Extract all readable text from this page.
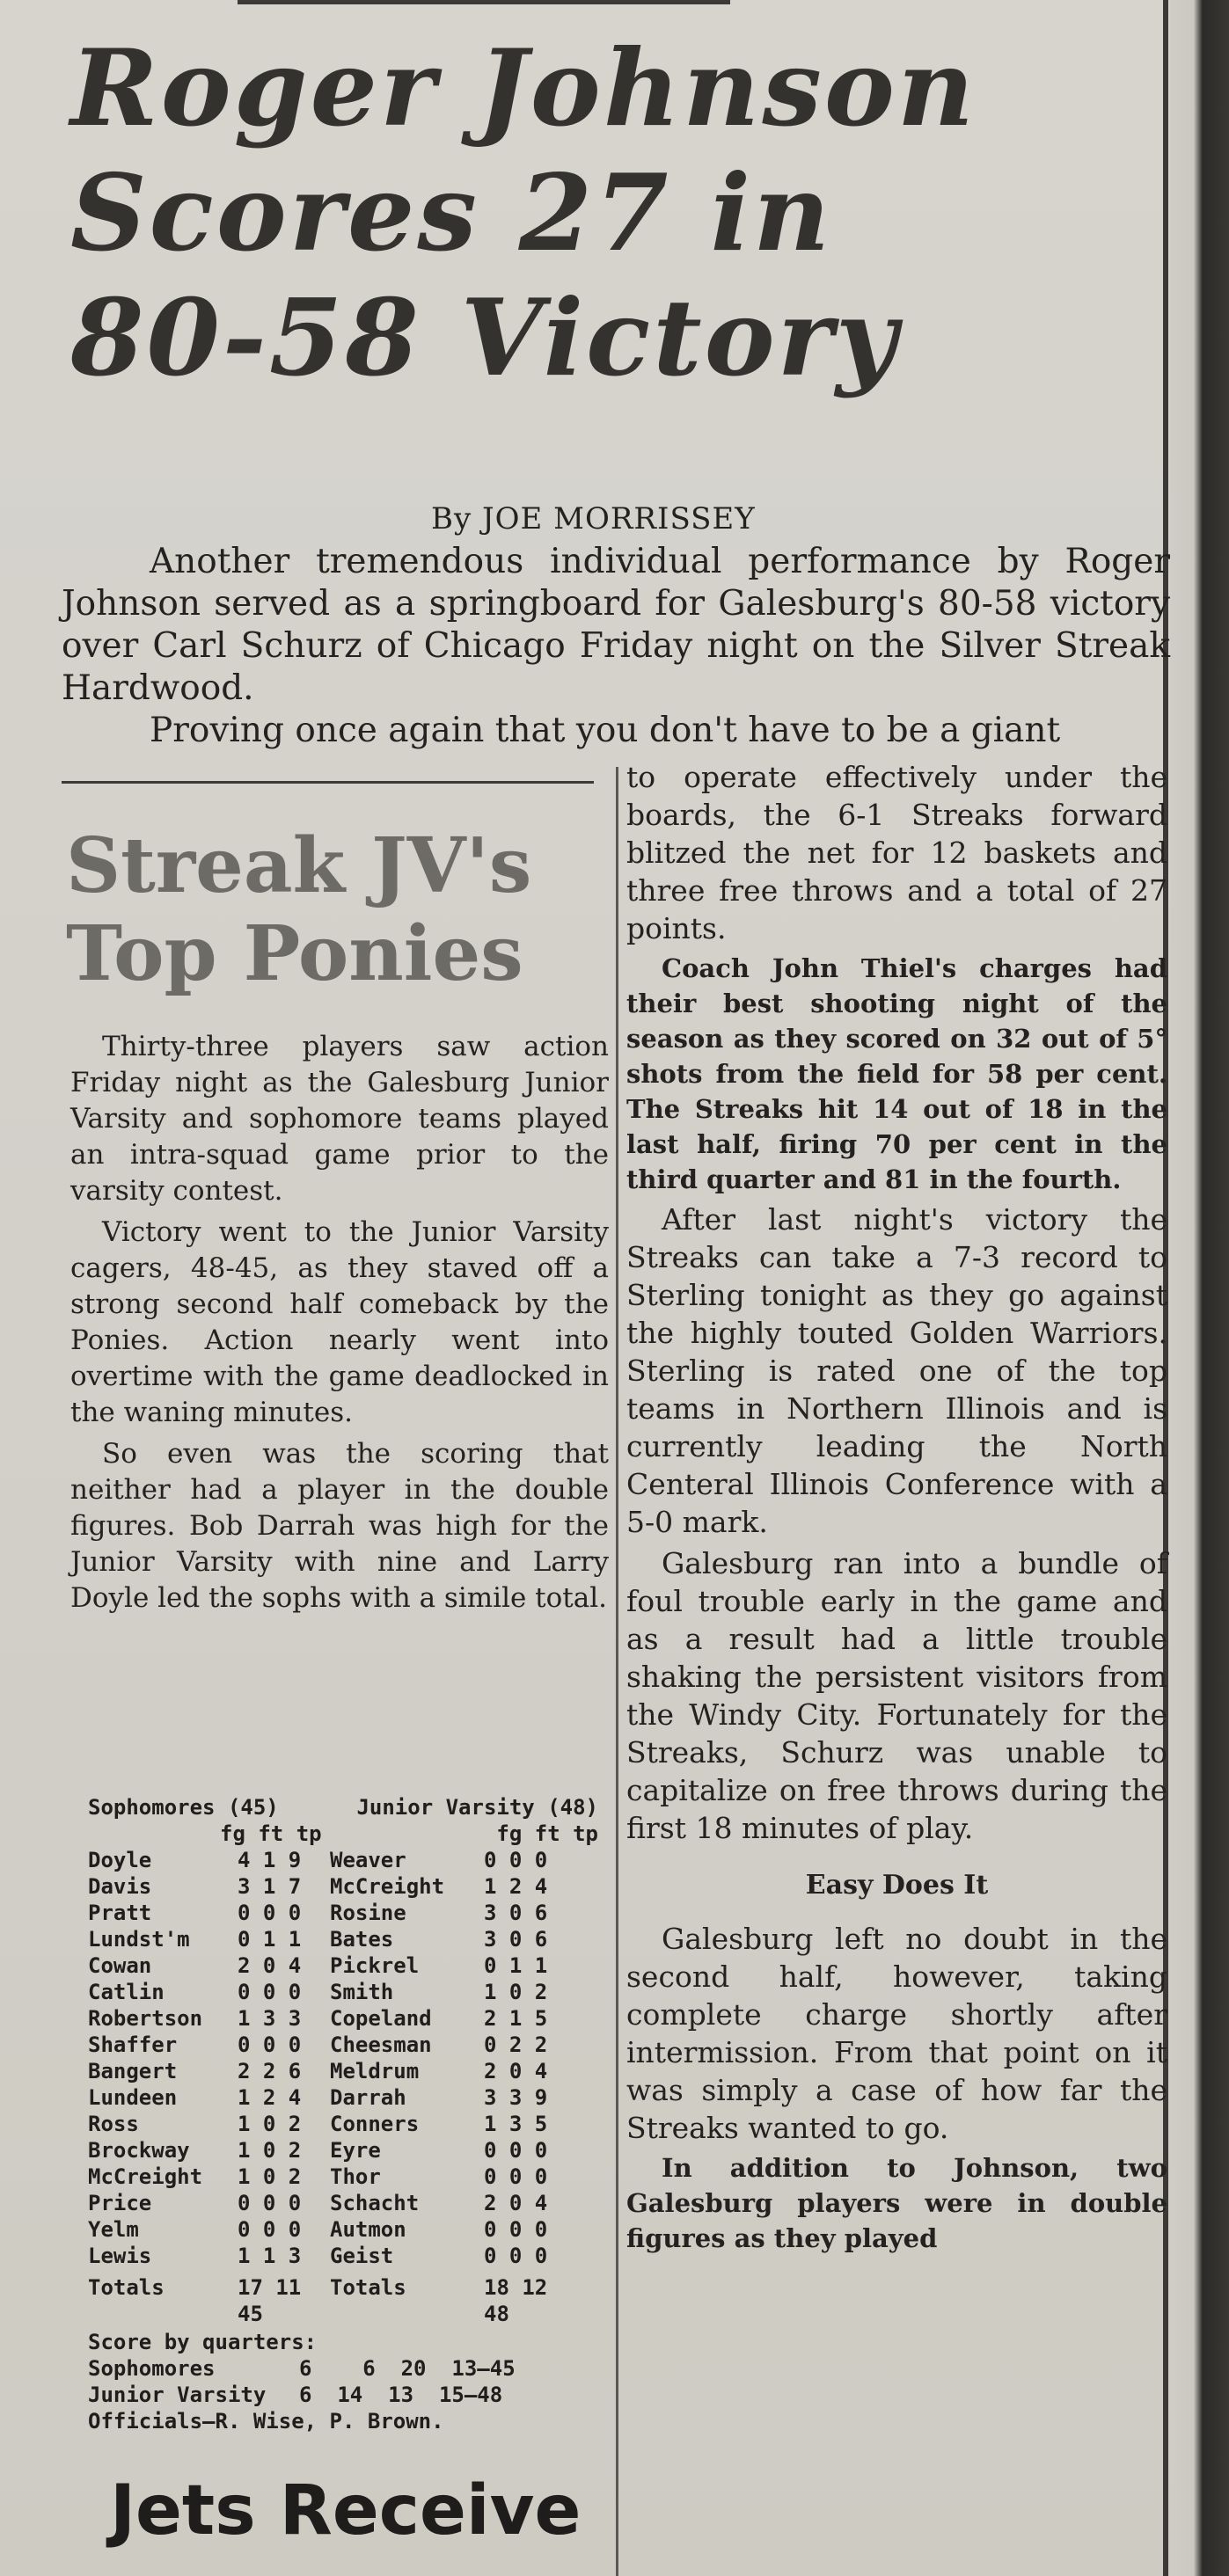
Roger Johnson
Scores 27 in
80-58 Victory
By JOE MORRISSEY

Another tremendous individual performance by Roger Johnson served as a springboard for Galesburg's 80-58 victory over Carl Schurz of Chicago Friday night on the Silver Streak Hardwood.

Proving once again that you don't have to be a giant

Streak JV's
Top Ponies

Thirty-three players saw action Friday night as the Galesburg Junior Varsity and sophomore teams played an intra-squad game prior to the varsity contest.

Victory went to the Junior Varsity cagers, 48-45, as they staved off a strong second half comeback by the Ponies. Action nearly went into overtime with the game deadlocked in the waning minutes.

So even was the scoring that neither had a player in the double figures. Bob Darrah was high for the Junior Varsity with nine and Larry Doyle led the sophs with a simile total.

Sophomores (45)	Junior Varsity (48)
fg ft tp	fg ft tp
Doyle	4 1 9	Weaver	0 0 0
Davis	3 1 7	McCreight	1 2 4
Pratt	0 0 0	Rosine	3 0 6
Lundst'm	0 1 1	Bates	3 0 6
Cowan	2 0 4	Pickrel	0 1 1
Catlin	0 0 0	Smith	1 0 2
Robertson	1 3 3	Copeland	2 1 5
Shaffer	0 0 0	Cheesman	0 2 2
Bangert	2 2 6	Meldrum	2 0 4
Lundeen	1 2 4	Darrah	3 3 9
Ross	1 0 2	Conners	1 3 5
Brockway	1 0 2	Eyre	0 0 0
McCreight	1 0 2	Thor	0 0 0
Price	0 0 0	Schacht	2 0 4
Yelm	0 0 0	Autmon	0 0 0
Lewis	1 1 3	Geist	0 0 0
Totals	17 11 45
Totals	18 12 48
Score by quarters:
Sophomores	6    6  20  13—45
Junior Varsity	6  14  13  15—48
Officials—R. Wise, P. Brown.
Jets Receive

to operate effectively under the boards, the 6-1 Streaks forward blitzed the net for 12 baskets and three free throws and a total of 27 points.

Coach John Thiel's charges had their best shooting night of the season as they scored on 32 out of 5° shots from the field for 58 per cent. The Streaks hit 14 out of 18 in the last half, firing 70 per cent in the third quarter and 81 in the fourth.

After last night's victory the Streaks can take a 7-3 record to Sterling tonight as they go against the highly touted Golden Warriors. Sterling is rated one of the top teams in Northern Illinois and is currently leading the North Centeral Illinois Conference with a 5-0 mark.

Galesburg ran into a bundle of foul trouble early in the game and as a result had a little trouble shaking the persistent visitors from the Windy City. Fortunately for the Streaks, Schurz was unable to capitalize on free throws during the first 18 minutes of play.

Easy Does It

Galesburg left no doubt in the second half, however, taking complete charge shortly after intermission. From that point on it was simply a case of how far the Streaks wanted to go.

In addition to Johnson, two Galesburg players were in double figures as they played
